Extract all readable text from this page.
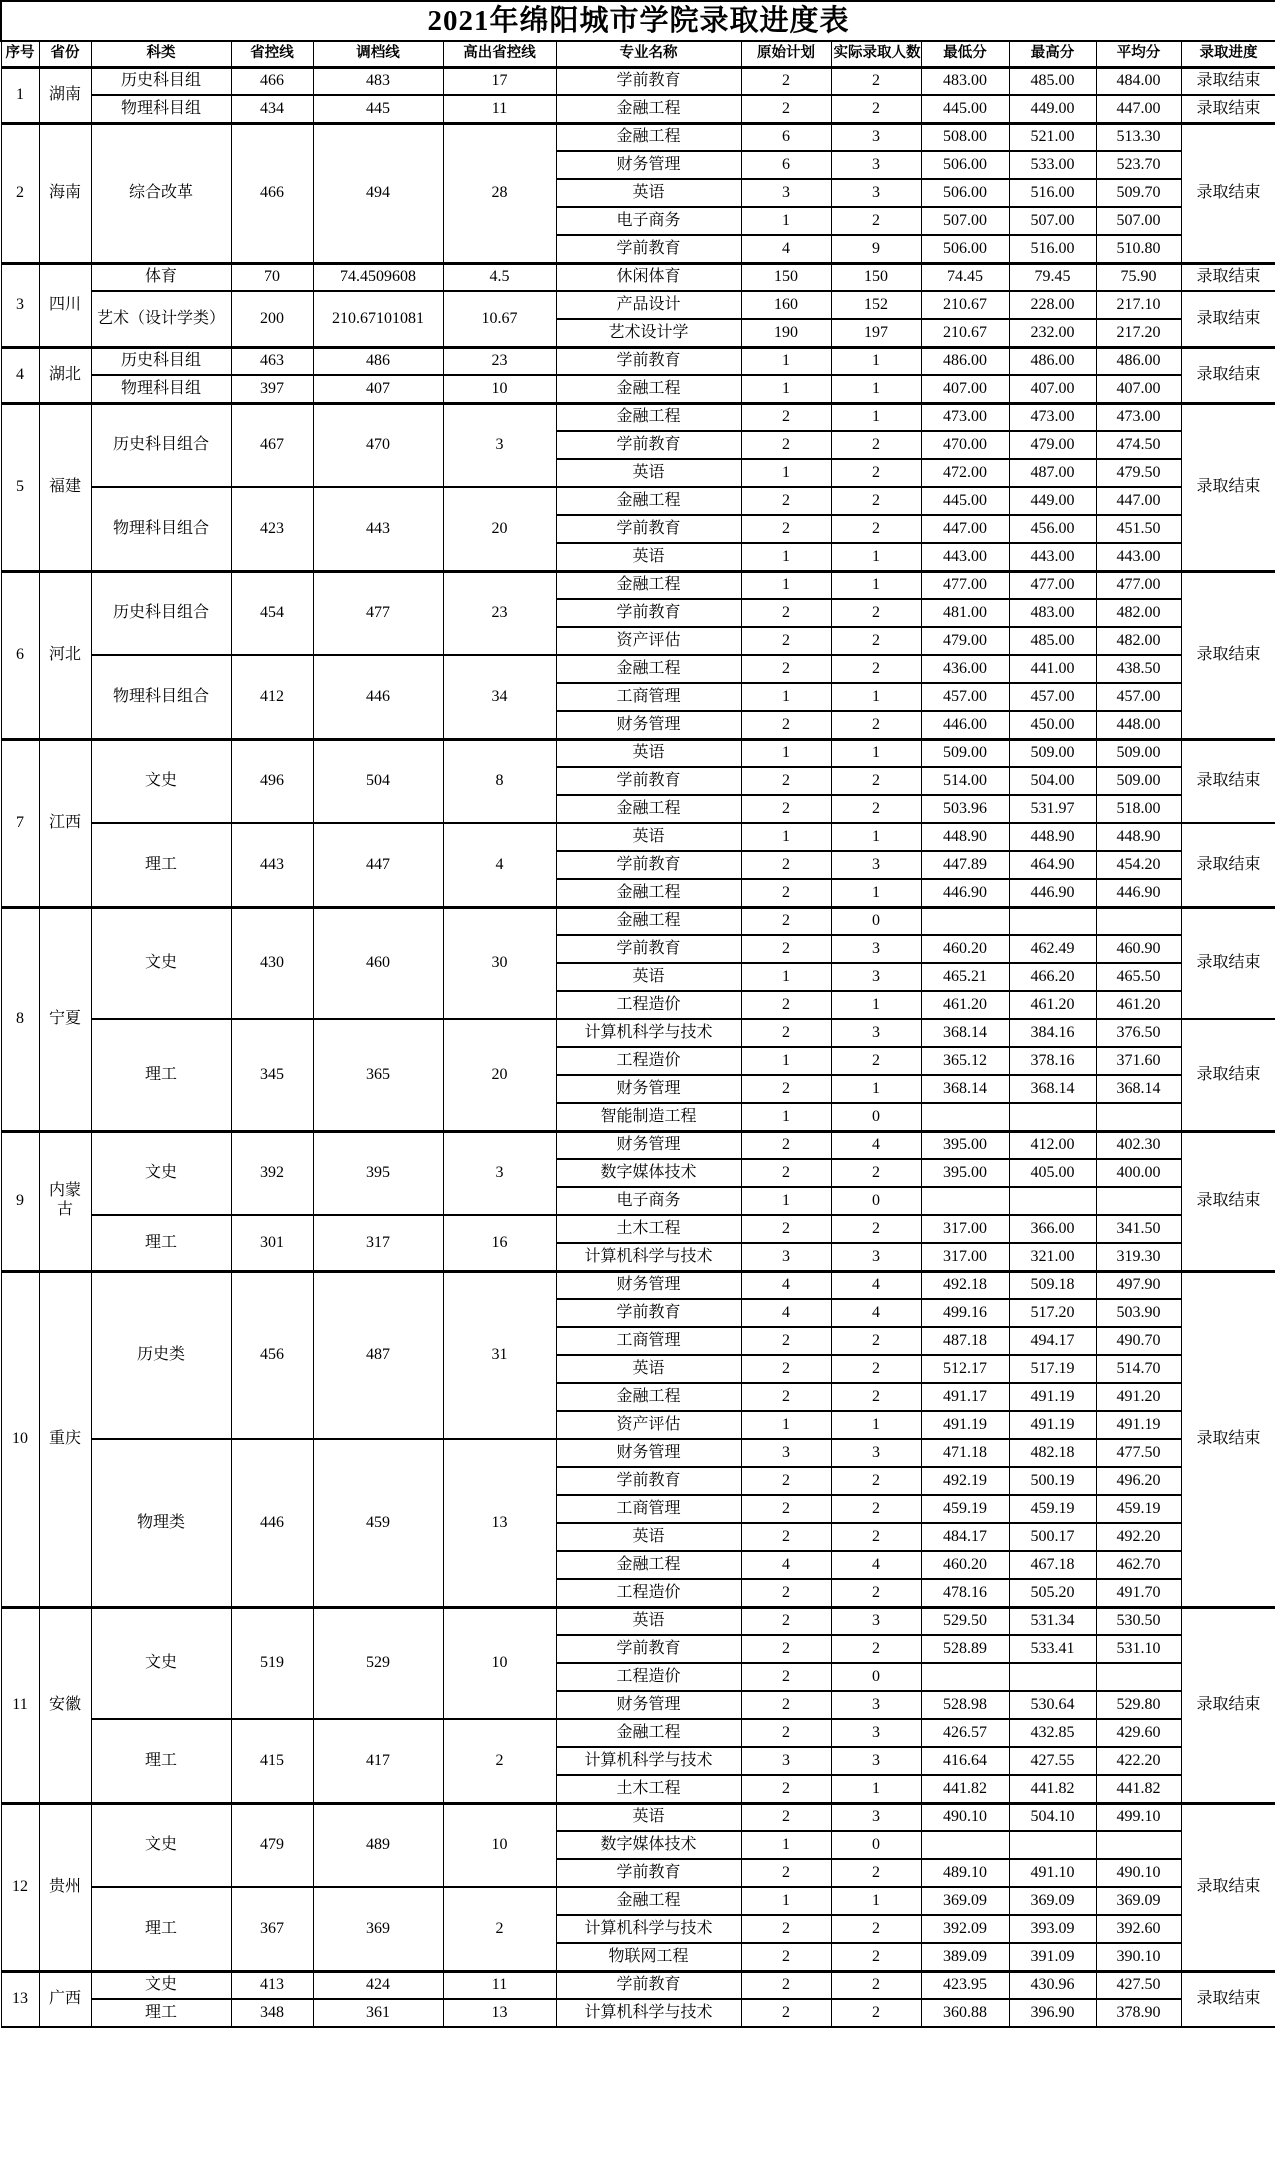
2021年绵阳城市学院录取进度表												
序号	省份	科类	省控线	调档线	高出省控线	专业名称	原始计划	实际录取人数	最低分	最高分	平均分	录取进度
1	湖南	历史科目组	466	483	17	学前教育	2	2	483.00	485.00	484.00	录取结束
		物理科目组	434	445	11	金融工程	2	2	445.00	449.00	447.00	录取结束
2	海南	综合改革	466	494	28	金融工程	6	3	508.00	521.00	513.30	录取结束
						财务管理	6	3	506.00	533.00	523.70	
						英语	3	3	506.00	516.00	509.70	
						电子商务	1	2	507.00	507.00	507.00	
						学前教育	4	9	506.00	516.00	510.80	
3	四川	体育	70	74.4509608	4.5	休闲体育	150	150	74.45	79.45	75.90	录取结束
		艺术（设计学类）	200	210.67101081	10.67	产品设计	160	152	210.67	228.00	217.10	录取结束
						艺术设计学	190	197	210.67	232.00	217.20	
4	湖北	历史科目组	463	486	23	学前教育	1	1	486.00	486.00	486.00	录取结束
		物理科目组	397	407	10	金融工程	1	1	407.00	407.00	407.00	
5	福建	历史科目组合	467	470	3	金融工程	2	1	473.00	473.00	473.00	录取结束
						学前教育	2	2	470.00	479.00	474.50	
						英语	1	2	472.00	487.00	479.50	
		物理科目组合	423	443	20	金融工程	2	2	445.00	449.00	447.00	
						学前教育	2	2	447.00	456.00	451.50	
						英语	1	1	443.00	443.00	443.00	
6	河北	历史科目组合	454	477	23	金融工程	1	1	477.00	477.00	477.00	录取结束
						学前教育	2	2	481.00	483.00	482.00	
						资产评估	2	2	479.00	485.00	482.00	
		物理科目组合	412	446	34	金融工程	2	2	436.00	441.00	438.50	
						工商管理	1	1	457.00	457.00	457.00	
						财务管理	2	2	446.00	450.00	448.00	
7	江西	文史	496	504	8	英语	1	1	509.00	509.00	509.00	录取结束
						学前教育	2	2	514.00	504.00	509.00	
						金融工程	2	2	503.96	531.97	518.00	
		理工	443	447	4	英语	1	1	448.90	448.90	448.90	录取结束
						学前教育	2	3	447.89	464.90	454.20	
						金融工程	2	1	446.90	446.90	446.90	
8	宁夏	文史	430	460	30	金融工程	2	0				录取结束
						学前教育	2	3	460.20	462.49	460.90	
						英语	1	3	465.21	466.20	465.50	
						工程造价	2	1	461.20	461.20	461.20	
		理工	345	365	20	计算机科学与技术	2	3	368.14	384.16	376.50	录取结束
						工程造价	1	2	365.12	378.16	371.60	
						财务管理	2	1	368.14	368.14	368.14	
						智能制造工程	1	0				
9	内蒙古	文史	392	395	3	财务管理	2	4	395.00	412.00	402.30	录取结束
						数字媒体技术	2	2	395.00	405.00	400.00	
						电子商务	1	0				
		理工	301	317	16	土木工程	2	2	317.00	366.00	341.50	
						计算机科学与技术	3	3	317.00	321.00	319.30	
10	重庆	历史类	456	487	31	财务管理	4	4	492.18	509.18	497.90	录取结束
						学前教育	4	4	499.16	517.20	503.90	
						工商管理	2	2	487.18	494.17	490.70	
						英语	2	2	512.17	517.19	514.70	
						金融工程	2	2	491.17	491.19	491.20	
						资产评估	1	1	491.19	491.19	491.19	
		物理类	446	459	13	财务管理	3	3	471.18	482.18	477.50	
						学前教育	2	2	492.19	500.19	496.20	
						工商管理	2	2	459.19	459.19	459.19	
						英语	2	2	484.17	500.17	492.20	
						金融工程	4	4	460.20	467.18	462.70	
						工程造价	2	2	478.16	505.20	491.70	
11	安徽	文史	519	529	10	英语	2	3	529.50	531.34	530.50	录取结束
						学前教育	2	2	528.89	533.41	531.10	
						工程造价	2	0				
						财务管理	2	3	528.98	530.64	529.80	
		理工	415	417	2	金融工程	2	3	426.57	432.85	429.60	
						计算机科学与技术	3	3	416.64	427.55	422.20	
						土木工程	2	1	441.82	441.82	441.82	
12	贵州	文史	479	489	10	英语	2	3	490.10	504.10	499.10	录取结束
						数字媒体技术	1	0				
						学前教育	2	2	489.10	491.10	490.10	
		理工	367	369	2	金融工程	1	1	369.09	369.09	369.09	
						计算机科学与技术	2	2	392.09	393.09	392.60	
						物联网工程	2	2	389.09	391.09	390.10	
13	广西	文史	413	424	11	学前教育	2	2	423.95	430.96	427.50	录取结束
		理工	348	361	13	计算机科学与技术	2	2	360.88	396.90	378.90	
